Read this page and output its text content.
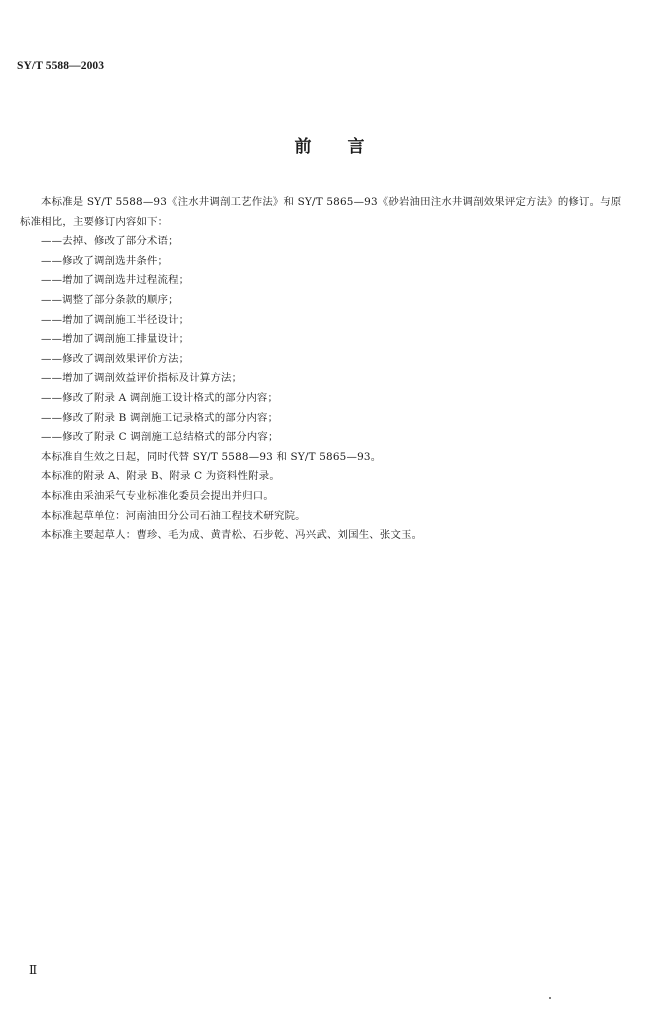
SY/T 5588—2003
前言

本标准是 SY/T 5588—93《注水井调剖工艺作法》和 SY/T 5865—93《砂岩油田注水井调剖效果评定方法》的修订。与原标准相比，主要修订内容如下：

——去掉、修改了部分术语；

——修改了调剖选井条件；

——增加了调剖选井过程流程；

——调整了部分条款的顺序；

——增加了调剖施工半径设计；

——增加了调剖施工排量设计；

——修改了调剖效果评价方法；

——增加了调剖效益评价指标及计算方法；

——修改了附录 A 调剖施工设计格式的部分内容；

——修改了附录 B 调剖施工记录格式的部分内容；

——修改了附录 C 调剖施工总结格式的部分内容；

本标准自生效之日起，同时代替 SY/T 5588—93 和 SY/T 5865—93。

本标准的附录 A、附录 B、附录 C 为资料性附录。

本标准由采油采气专业标准化委员会提出并归口。

本标准起草单位：河南油田分公司石油工程技术研究院。

本标准主要起草人：曹珍、毛为成、黄青松、石步乾、冯兴武、刘国生、张文玉。

Ⅱ
